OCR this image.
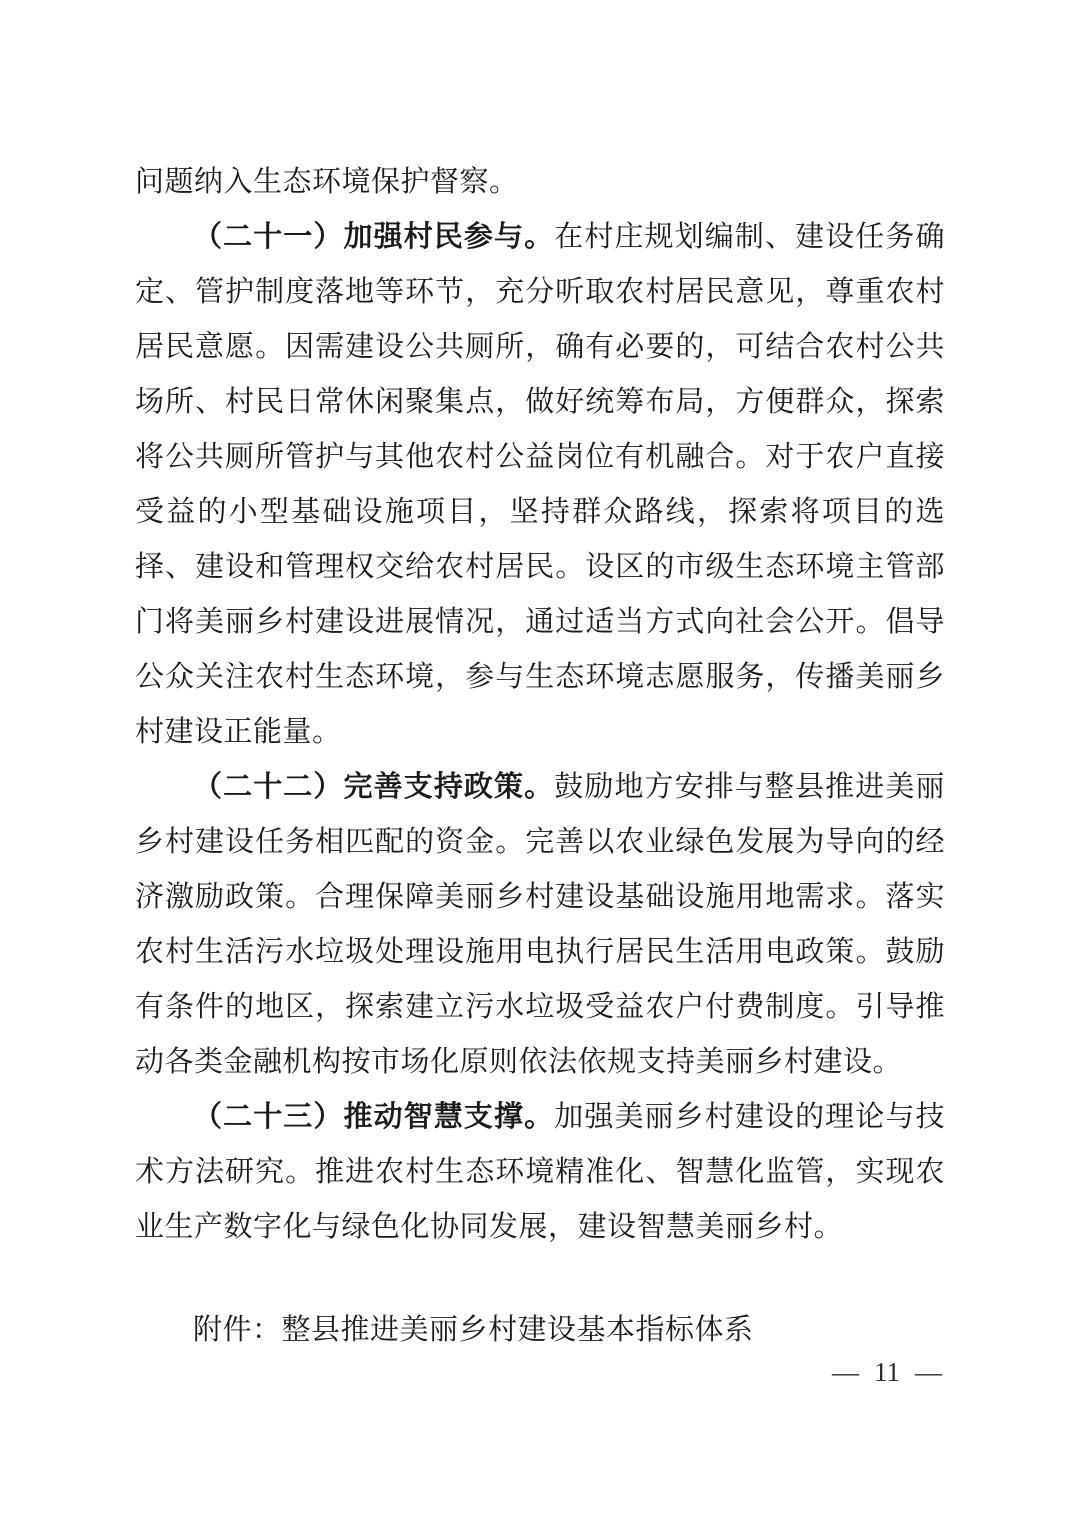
问题纳入生态环境保护督察。

（二十一）加强村民参与。在村庄规划编制、建设任务确定、管护制度落地等环节，充分听取农村居民意见，尊重农村居民意愿。因需建设公共厕所，确有必要的，可结合农村公共场所、村民日常休闲聚集点，做好统筹布局，方便群众，探索将公共厕所管护与其他农村公益岗位有机融合。对于农户直接受益的小型基础设施项目，坚持群众路线，探索将项目的选择、建设和管理权交给农村居民。设区的市级生态环境主管部门将美丽乡村建设进展情况，通过适当方式向社会公开。倡导公众关注农村生态环境，参与生态环境志愿服务，传播美丽乡村建设正能量。

（二十二）完善支持政策。鼓励地方安排与整县推进美丽乡村建设任务相匹配的资金。完善以农业绿色发展为导向的经济激励政策。合理保障美丽乡村建设基础设施用地需求。落实农村生活污水垃圾处理设施用电执行居民生活用电政策。鼓励有条件的地区，探索建立污水垃圾受益农户付费制度。引导推动各类金融机构按市场化原则依法依规支持美丽乡村建设。

（二十三）推动智慧支撑。加强美丽乡村建设的理论与技术方法研究。推进农村生态环境精准化、智慧化监管，实现农业生产数字化与绿色化协同发展，建设智慧美丽乡村。

附件：整县推进美丽乡村建设基本指标体系

— 11 —
